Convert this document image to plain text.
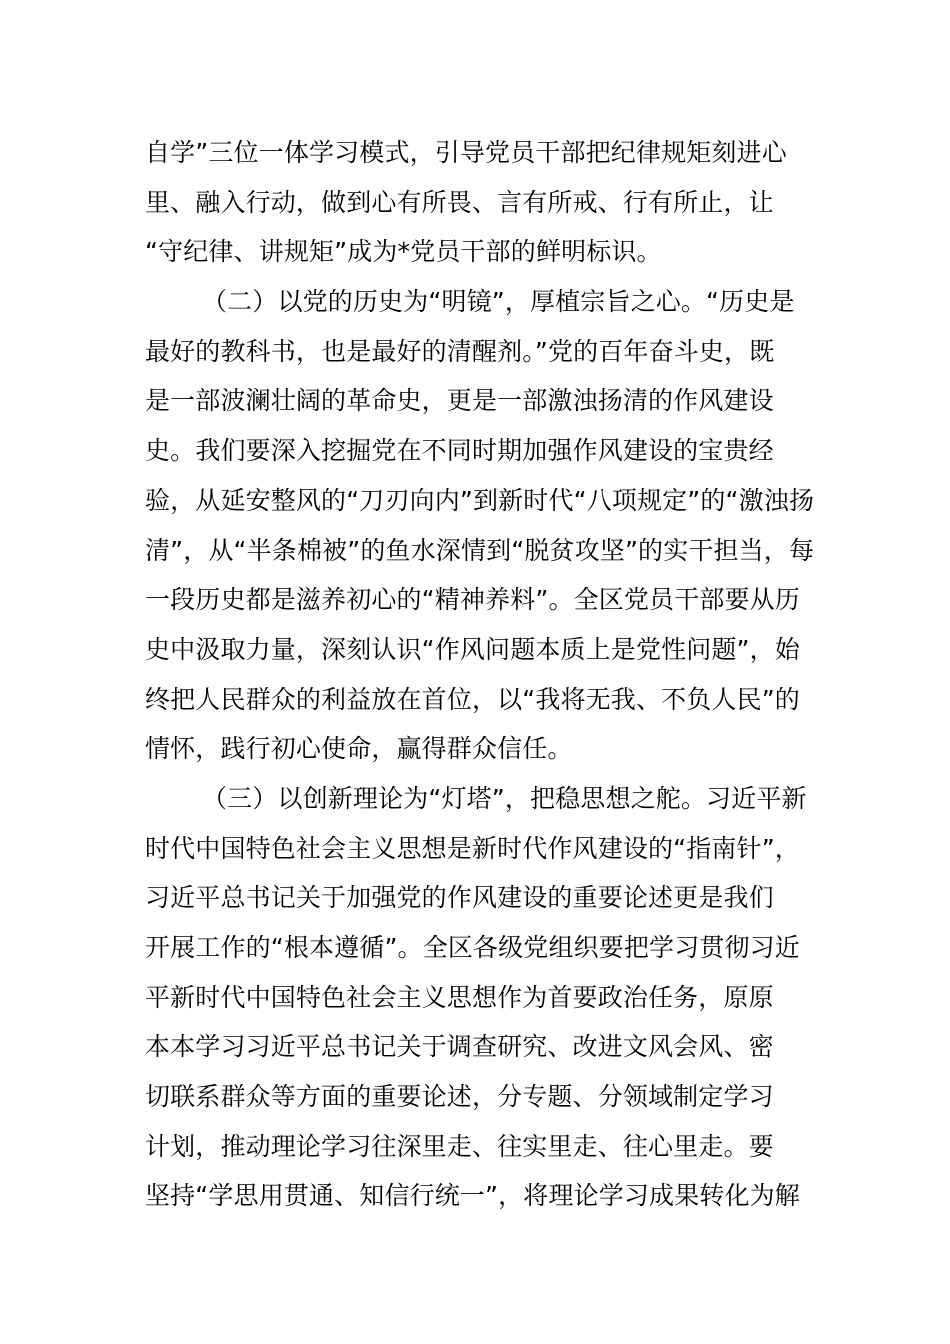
自学”三位一体学习模式，引导党员干部把纪律规矩刻进心
里、融入行动，做到心有所畏、言有所戒、行有所止，让
“守纪律、讲规矩”成为*党员干部的鲜明标识。
（二）以党的历史为“明镜”，厚植宗旨之心。“历史是
最好的教科书，也是最好的清醒剂。”党的百年奋斗史，既
是一部波澜壮阔的革命史，更是一部激浊扬清的作风建设
史。我们要深入挖掘党在不同时期加强作风建设的宝贵经
验，从延安整风的“刀刃向内”到新时代“八项规定”的“激浊扬
清”，从“半条棉被”的鱼水深情到“脱贫攻坚”的实干担当，每
一段历史都是滋养初心的“精神养料”。全区党员干部要从历
史中汲取力量，深刻认识“作风问题本质上是党性问题”，始
终把人民群众的利益放在首位，以“我将无我、不负人民”的
情怀，践行初心使命，赢得群众信任。
（三）以创新理论为“灯塔”，把稳思想之舵。习近平新
时代中国特色社会主义思想是新时代作风建设的“指南针”，
习近平总书记关于加强党的作风建设的重要论述更是我们
开展工作的“根本遵循”。全区各级党组织要把学习贯彻习近
平新时代中国特色社会主义思想作为首要政治任务，原原
本本学习习近平总书记关于调查研究、改进文风会风、密
切联系群众等方面的重要论述，分专题、分领域制定学习
计划，推动理论学习往深里走、往实里走、往心里走。要
坚持“学思用贯通、知信行统一”，将理论学习成果转化为解
